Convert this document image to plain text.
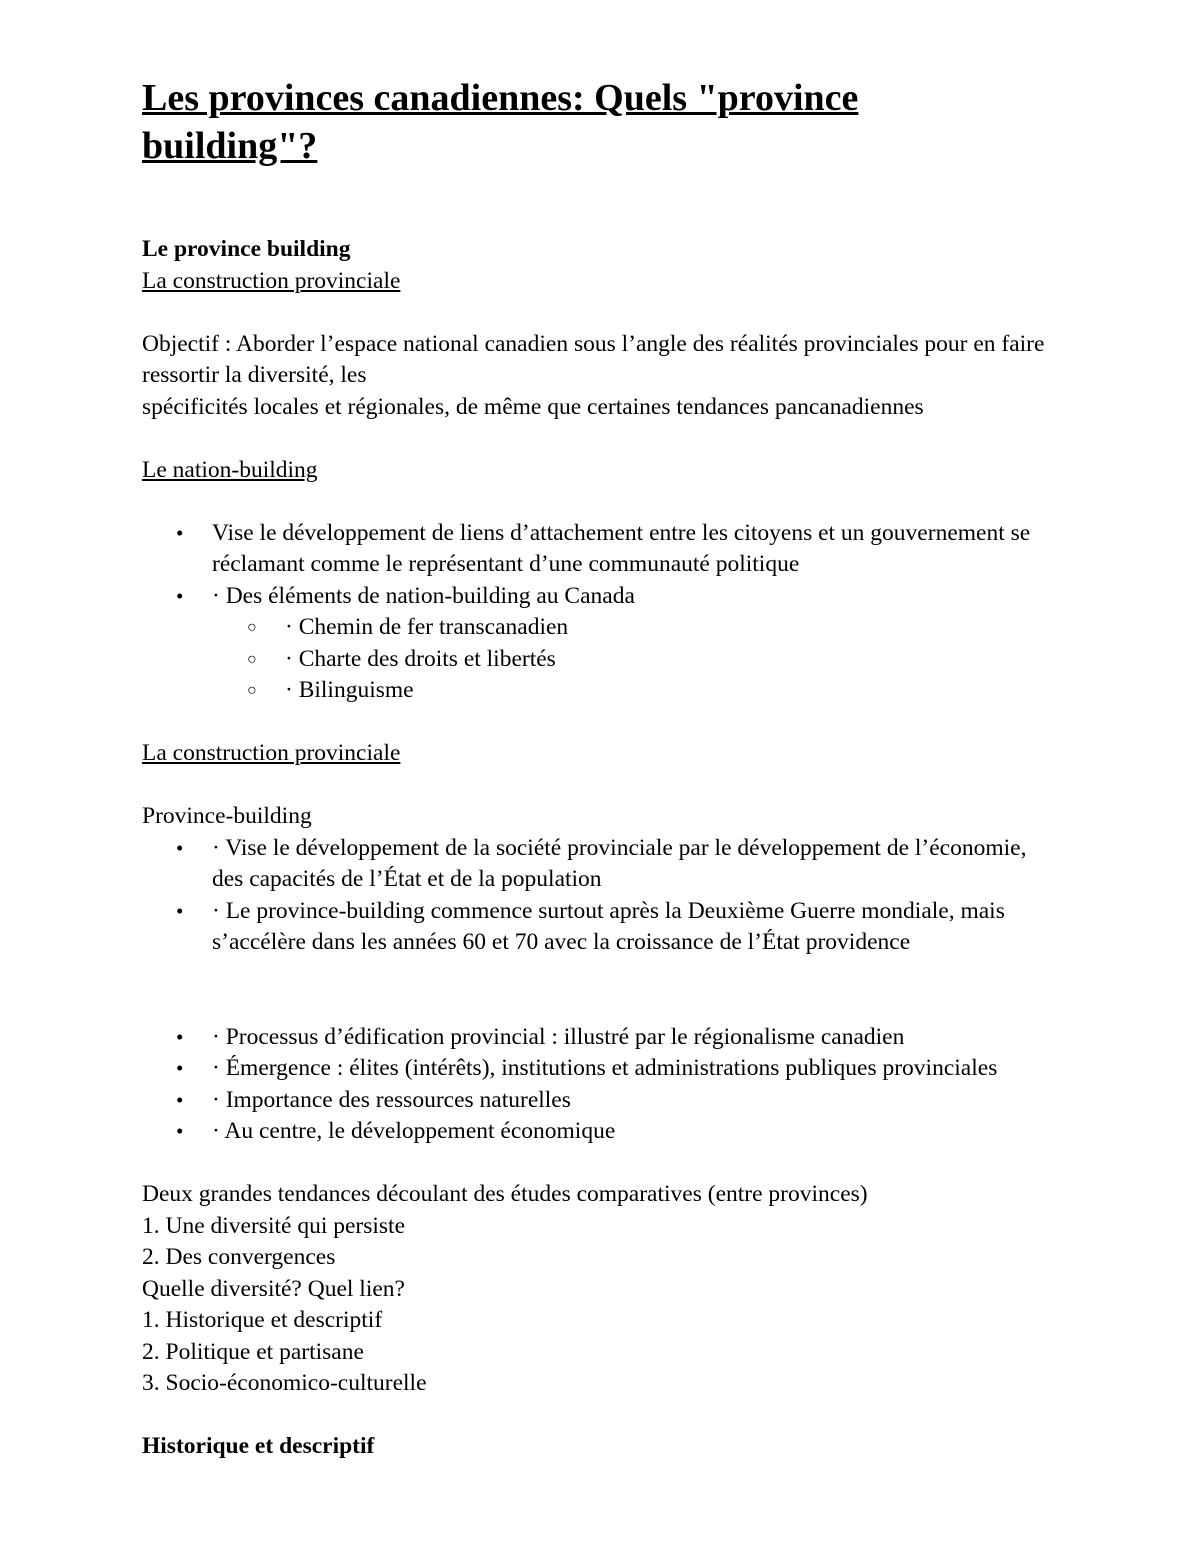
Les provinces canadiennes: Quels "province building"?

Le province building

La construction provinciale

Objectif : Aborder l’espace national canadien sous l’angle des réalités provinciales pour en faire ressortir la diversité, les

spécificités locales et régionales, de même que certaines tendances pancanadiennes

Le nation-building

• Vise le développement de liens d’attachement entre les citoyens et un gouvernement se réclamant comme le représentant d’une communauté politique
• · Des éléments de nation-building au Canada
○ · Chemin de fer transcanadien
○ · Charte des droits et libertés
○ · Bilinguisme

La construction provinciale

Province-building

• · Vise le développement de la société provinciale par le développement de l’économie, des capacités de l’État et de la population
• · Le province-building commence surtout après la Deuxième Guerre mondiale, mais s’accélère dans les années 60 et 70 avec la croissance de l’État providence
• · Processus d’édification provincial : illustré par le régionalisme canadien
• · Émergence : élites (intérêts), institutions et administrations publiques provinciales
• · Importance des ressources naturelles
• · Au centre, le développement économique

Deux grandes tendances découlant des études comparatives (entre provinces)

1. Une diversité qui persiste

2. Des convergences

Quelle diversité? Quel lien?

1. Historique et descriptif

2. Politique et partisane

3. Socio-économico-culturelle

Historique et descriptif
